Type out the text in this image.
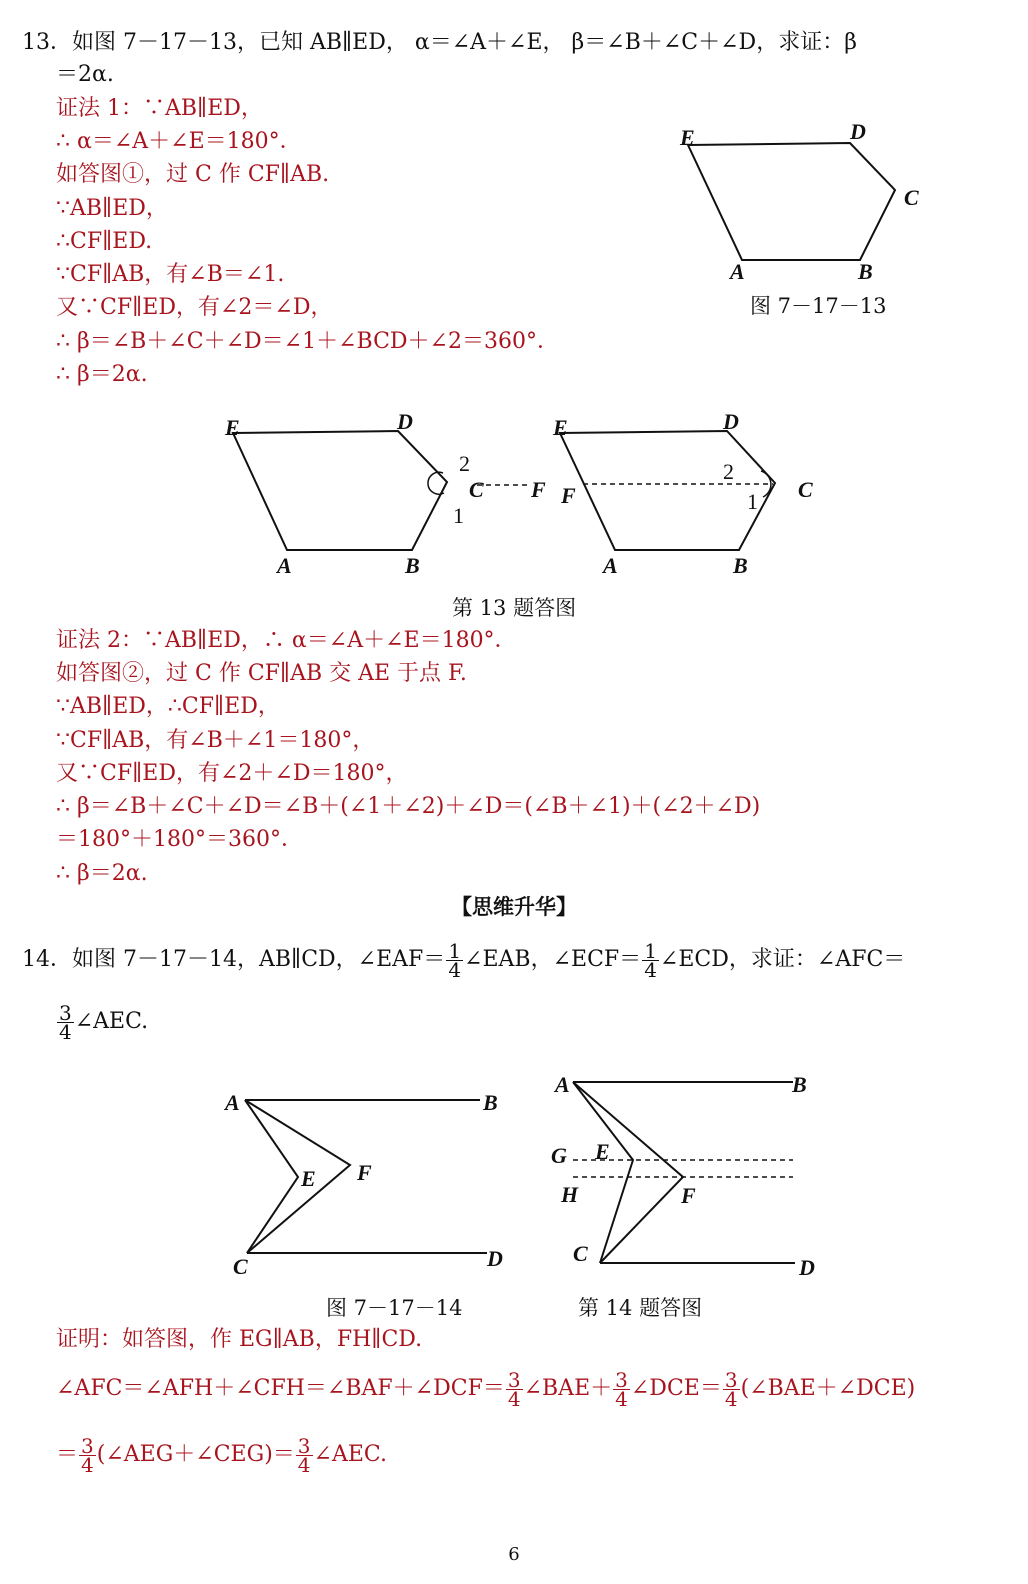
13．如图 7－17－13，已知 AB∥ED， α＝∠A＋∠E， β＝∠B＋∠C＋∠D，求证：β
＝2α.
证法 1：∵AB∥ED，
∴ α＝∠A＋∠E＝180°．
如答图①，过 C 作 CF∥AB.
∵AB∥ED，
∴CF∥ED.
∵CF∥AB，有∠B＝∠1.
又∵CF∥ED，有∠2＝∠D，
∴ β＝∠B＋∠C＋∠D＝∠1＋∠BCD＋∠2＝360°．
∴ β＝2α.
E	D
C
A	B
图 7－17－13
E	D
C F
2
1
A	B
E	D
C
F
2
1
A	B
第 13 题答图
证法 2：∵AB∥ED，∴ α＝∠A＋∠E＝180°．
如答图②，过 C 作 CF∥AB 交 AE 于点 F.
∵AB∥ED，∴CF∥ED，
∵CF∥AB，有∠B＋∠1＝180°，
又∵CF∥ED，有∠2＋∠D＝180°，
∴ β＝∠B＋∠C＋∠D＝∠B＋(∠1＋∠2)＋∠D＝(∠B＋∠1)＋(∠2＋∠D)
＝180°＋180°＝360°．
∴ β＝2α.
【思维升华】
14．如图 7－17－14，AB∥CD，∠EAF＝ $\frac{1}{4}$ ∠EAB，∠ECF＝ $\frac{1}{4}$ ∠ECD，求证：∠AFC＝
$\frac{3}{4}$ ∠AEC.
A	B
E F
C	D
图 7－17－14
A	B
G E
H	F
C
D
第 14 题答图
证明：如答图，作 EG∥AB，FH∥CD.
∠AFC＝∠AFH＋∠CFH＝∠BAF＋∠DCF＝ $\frac{3}{4}$ ∠BAE＋ $\frac{3}{4}$ ∠DCE＝ $\frac{3}{4}$ (∠BAE＋∠DCE)
＝ $\frac{3}{4}$ (∠AEG＋∠CEG)＝ $\frac{3}{4}$ ∠AEC.
6
